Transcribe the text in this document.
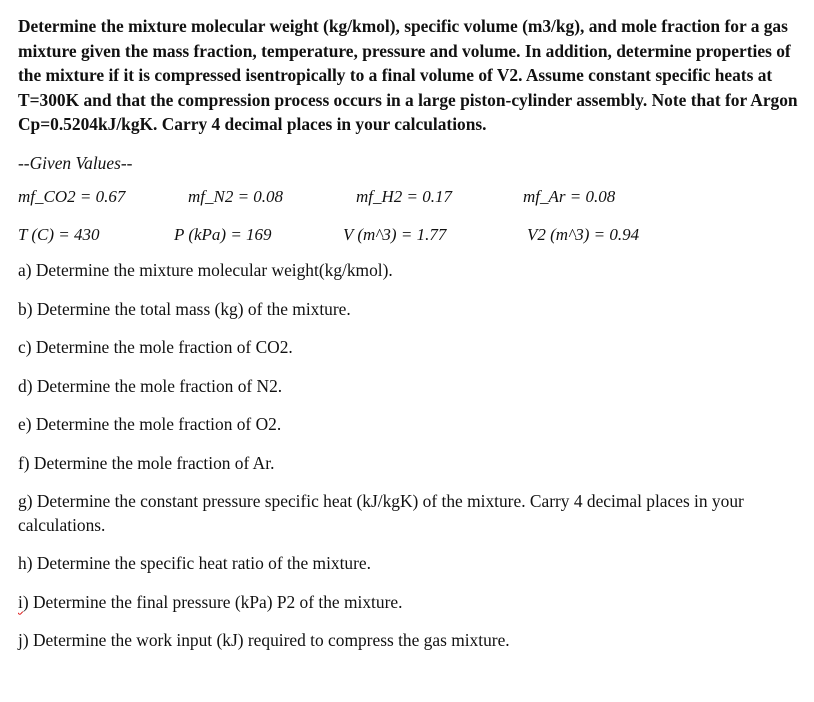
Determine the mixture molecular weight (kg/kmol), specific volume (m3/kg), and mole fraction for a gas mixture given the mass fraction, temperature, pressure and volume. In addition, determine properties of the mixture if it is compressed isentropically to a final volume of V2. Assume constant specific heats at T=300K and that the compression process occurs in a large piston-cylinder assembly. Note that for Argon Cp=0.5204kJ/kgK. Carry 4 decimal places in your calculations.

--Given Values--
mf_CO2 = 0.67	mf_N2 = 0.08	mf_H2 = 0.17	mf_Ar = 0.08
T (C) = 430	P (kPa) = 169	V (m^3) = 1.77	V2 (m^3) = 0.94

a) Determine the mixture molecular weight(kg/kmol).

b) Determine the total mass (kg) of the mixture.

c) Determine the mole fraction of CO2.

d) Determine the mole fraction of N2.

e) Determine the mole fraction of O2.

f) Determine the mole fraction of Ar.

g) Determine the constant pressure specific heat (kJ/kgK) of the mixture. Carry 4 decimal places in your calculations.

h) Determine the specific heat ratio of the mixture.

i ) Determine the final pressure (kPa) P2 of the mixture.

j) Determine the work input (kJ) required to compress the gas mixture.
